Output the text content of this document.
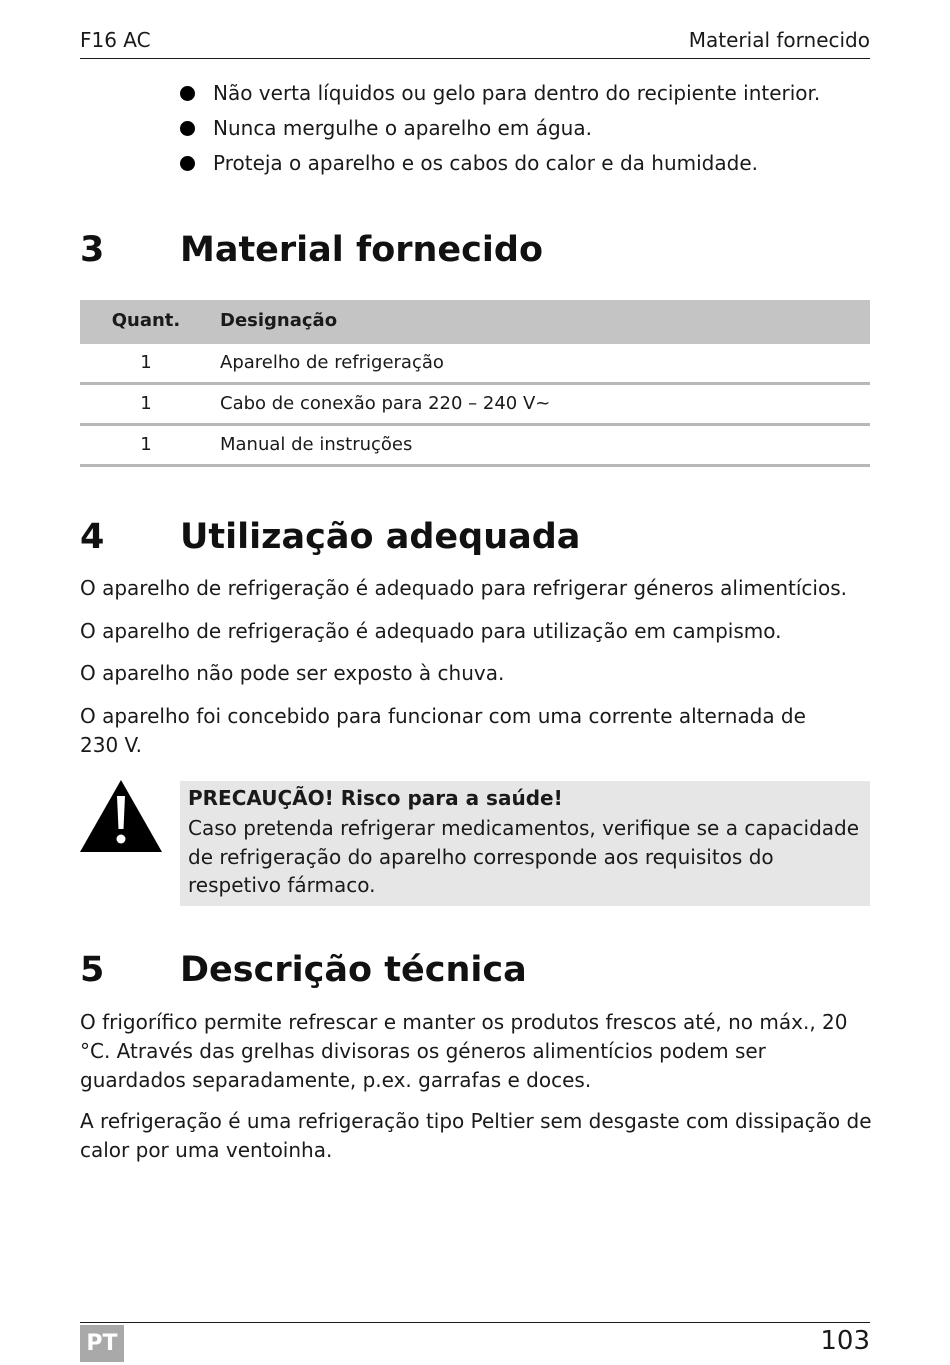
F16 AC	Material fornecido
Não verta líquidos ou gelo para dentro do recipiente interior.
Nunca mergulhe o aparelho em água.
Proteja o aparelho e os cabos do calor e da humidade.
3 Material fornecido
Quant.	Designação
1	Aparelho de refrigeração
1	Cabo de conexão para 220 – 240 V~
1	Manual de instruções
4 Utilização adequada

O aparelho de refrigeração é adequado para refrigerar géneros alimentícios.

O aparelho de refrigeração é adequado para utilização em campismo.

O aparelho não pode ser exposto à chuva.

O aparelho foi concebido para funcionar com uma corrente alternada de 230 V.

PRECAUÇÃO! Risco para a saúde!
Caso pretenda refrigerar medicamentos, verifique se a capacidade de refrigeração do aparelho corresponde aos requisitos do respetivo fármaco.
5 Descrição técnica

O frigorífico permite refrescar e manter os produtos frescos até, no máx., 20 °C. Através das grelhas divisoras os géneros alimentícios podem ser guardados separadamente, p.ex. garrafas e doces.

A refrigeração é uma refrigeração tipo Peltier sem desgaste com dissipação de calor por uma ventoinha.

PT	103
